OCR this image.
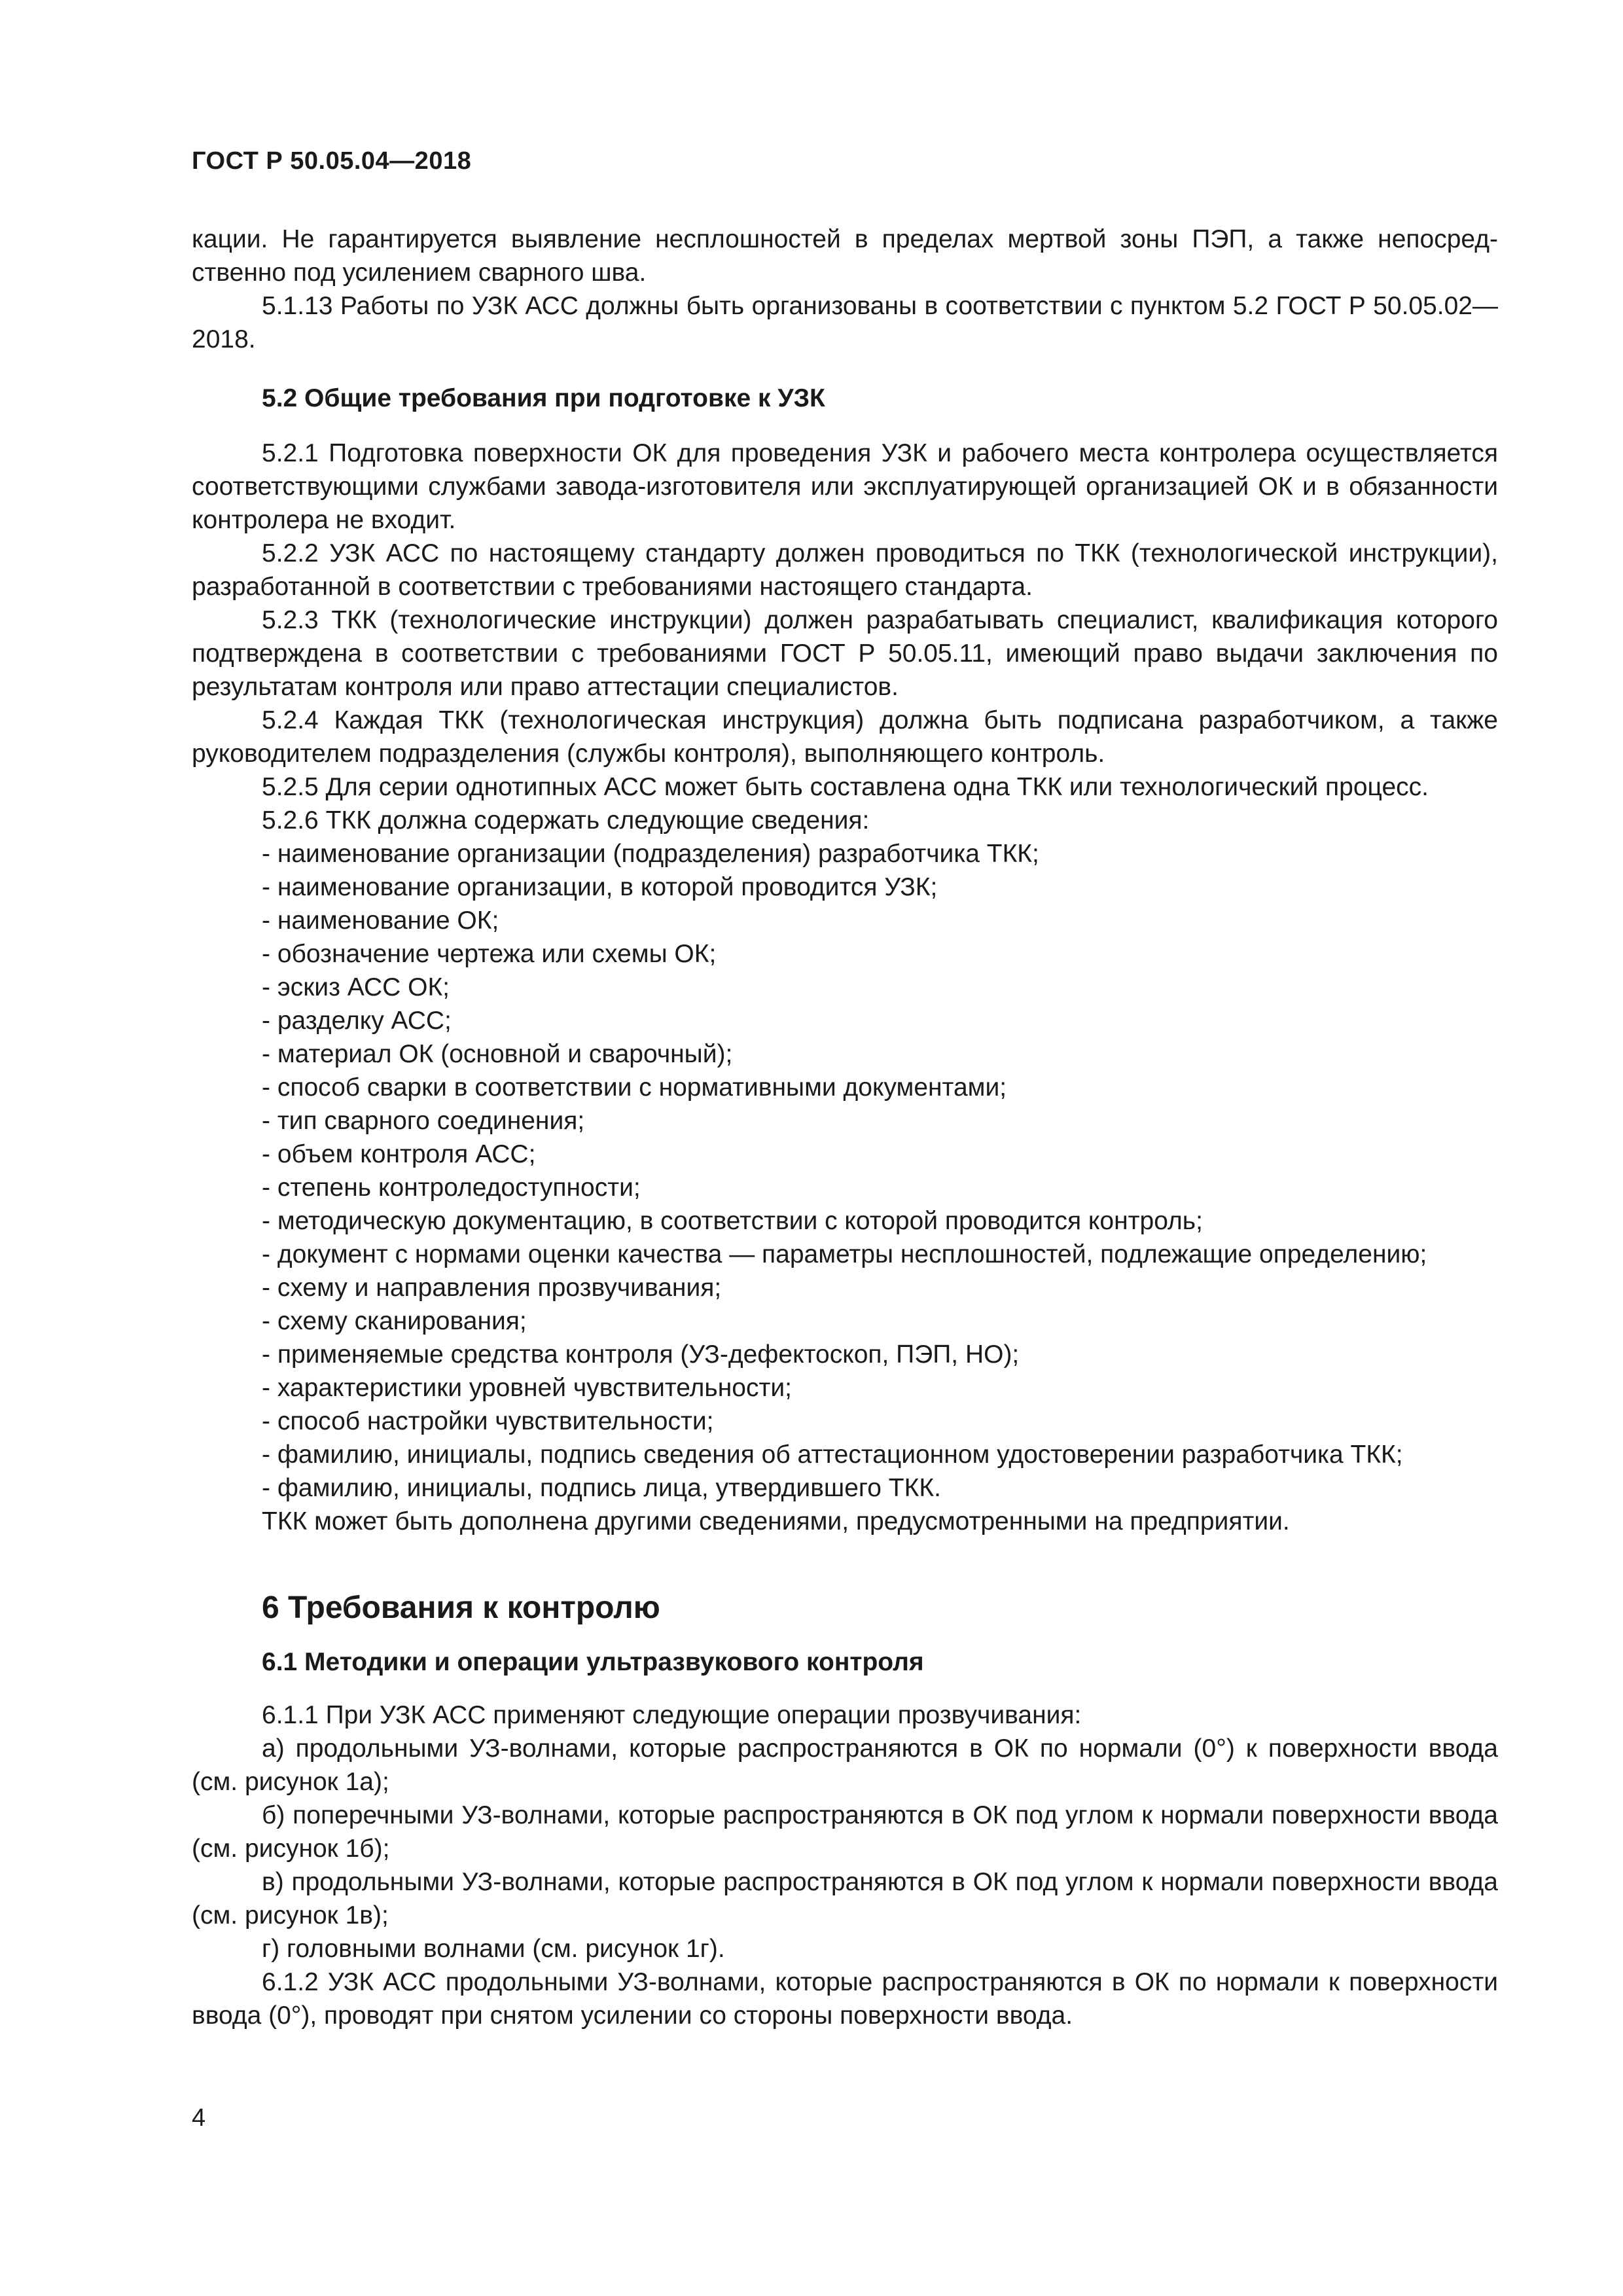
ГОСТ Р 50.05.04—2018

кации. Не гарантируется выявление несплошностей в пределах мертвой зоны ПЭП, а также непосредственно под усилением сварного шва.

5.1.13 Работы по УЗК АСС должны быть организованы в соответствии с пунктом 5.2 ГОСТ Р 50.05.02—2018.

5.2 Общие требования при подготовке к УЗК

5.2.1 Подготовка поверхности ОК для проведения УЗК и рабочего места контролера осуществляется соответствующими службами завода-изготовителя или эксплуатирующей организацией ОК и в обязанности контролера не входит.

5.2.2 УЗК АСС по настоящему стандарту должен проводиться по ТКК (технологической инструкции), разработанной в соответствии с требованиями настоящего стандарта.

5.2.3 ТКК (технологические инструкции) должен разрабатывать специалист, квалификация которого подтверждена в соответствии с требованиями ГОСТ Р 50.05.11, имеющий право выдачи заключения по результатам контроля или право аттестации специалистов.

5.2.4 Каждая ТКК (технологическая инструкция) должна быть подписана разработчиком, а также руководителем подразделения (службы контроля), выполняющего контроль.

5.2.5 Для серии однотипных АСС может быть составлена одна ТКК или технологический процесс.

5.2.6 ТКК должна содержать следующие сведения:

- наименование организации (подразделения) разработчика ТКК;

- наименование организации, в которой проводится УЗК;

- наименование ОК;

- обозначение чертежа или схемы ОК;

- эскиз АСС ОК;

- разделку АСС;

- материал ОК (основной и сварочный);

- способ сварки в соответствии с нормативными документами;

- тип сварного соединения;

- объем контроля АСС;

- степень контроледоступности;

- методическую документацию, в соответствии с которой проводится контроль;

- документ с нормами оценки качества — параметры несплошностей, подлежащие определению;

- схему и направления прозвучивания;

- схему сканирования;

- применяемые средства контроля (УЗ-дефектоскоп, ПЭП, НО);

- характеристики уровней чувствительности;

- способ настройки чувствительности;

- фамилию, инициалы, подпись сведения об аттестационном удостоверении разработчика ТКК;

- фамилию, инициалы, подпись лица, утвердившего ТКК.

ТКК может быть дополнена другими сведениями, предусмотренными на предприятии.

6 Требования к контролю
6.1 Методики и операции ультразвукового контроля

6.1.1 При УЗК АСС применяют следующие операции прозвучивания:

а) продольными УЗ-волнами, которые распространяются в ОК по нормали (0°) к поверхности ввода (см. рисунок 1а);

б) поперечными УЗ-волнами, которые распространяются в ОК под углом к нормали поверхности ввода (см. рисунок 1б);

в) продольными УЗ-волнами, которые распространяются в ОК под углом к нормали поверхности ввода (см. рисунок 1в);

г) головными волнами (см. рисунок 1г).

6.1.2 УЗК АСС продольными УЗ-волнами, которые распространяются в ОК по нормали к поверхности ввода (0°), проводят при снятом усилении со стороны поверхности ввода.

4
